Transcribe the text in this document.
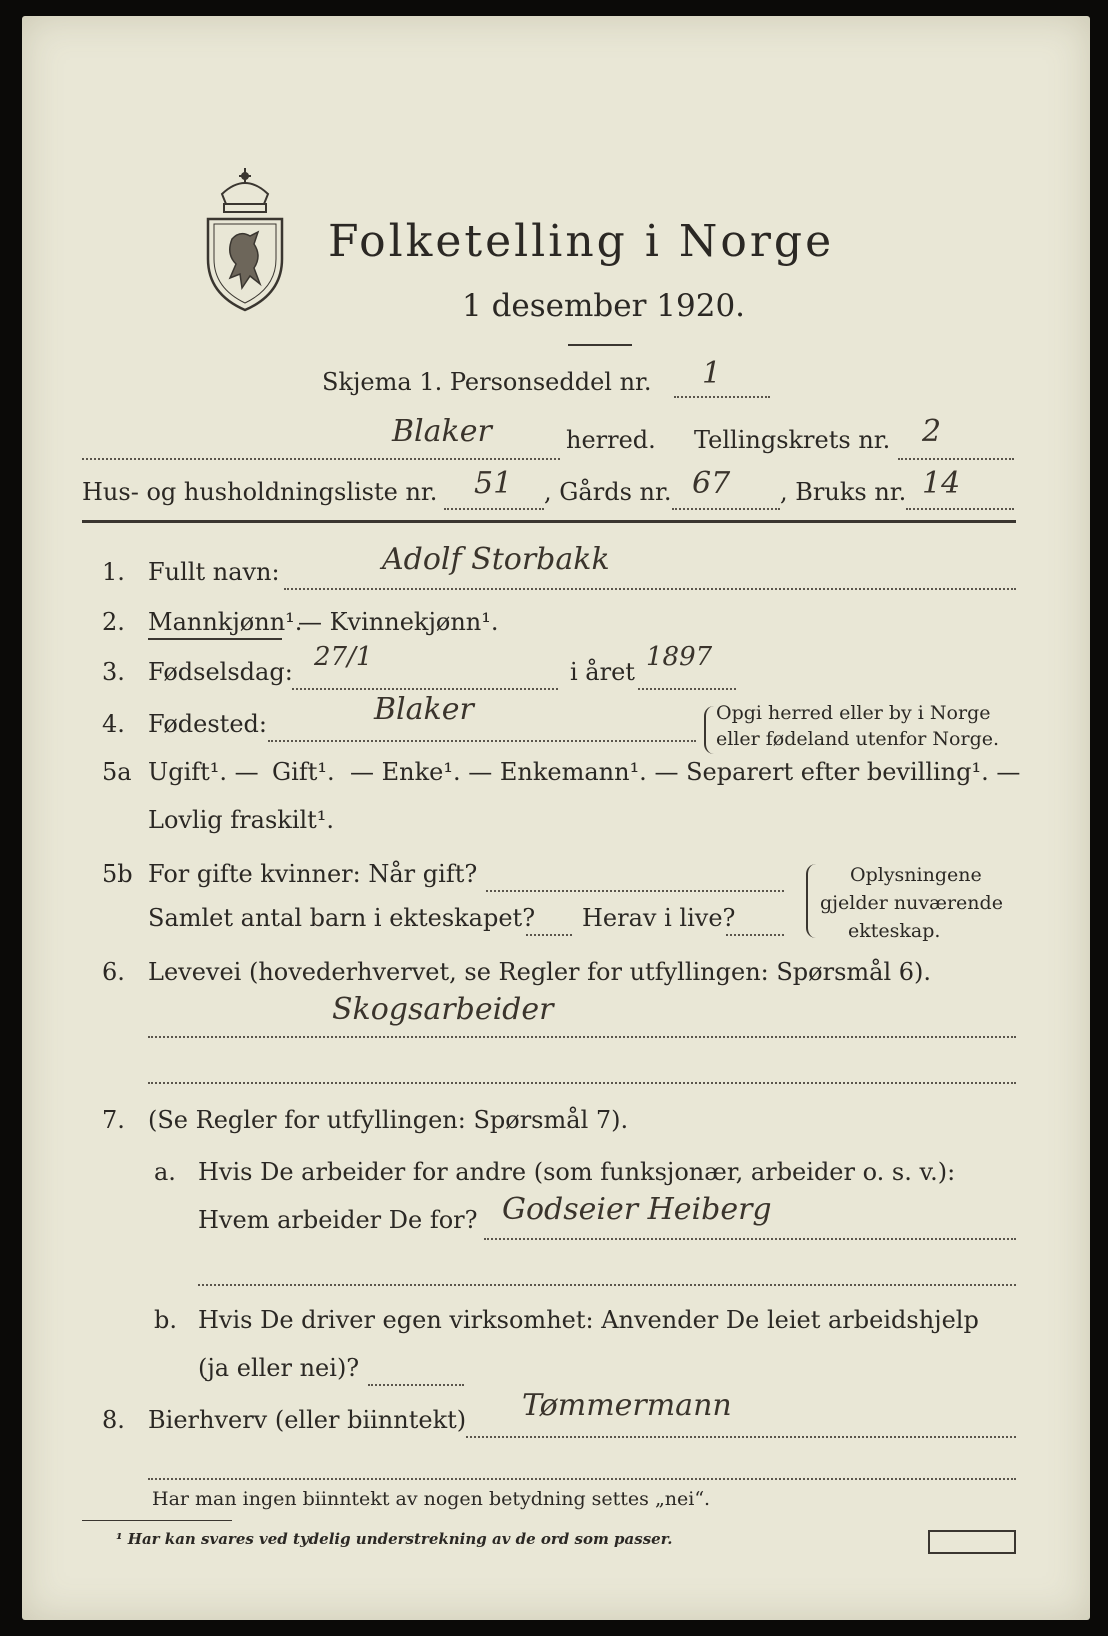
Folketelling i Norge
1 desember 1920.
Skjema 1. Personseddel nr. 1
Blaker	herred. Tellingskrets nr. 2
Hus- og husholdningsliste nr. 51 , Gårds nr. 67 , Bruks nr. 14
1. Fullt navn:	Adolf Storbakk
2. Mannkjønn¹.
— Kvinnekjønn¹.
3. Fødselsdag: 27/1	i året 1897
4. Fødested:	Blaker	Opgi herred eller by i Norge
eller fødeland utenfor Norge.
5a Ugift¹. — Gift¹. — Enke¹. — Enkemann¹. — Separert efter bevilling¹. —
Lovlig fraskilt¹.
5b For gifte kvinner: Når gift?
Samlet antal barn i ekteskapet? Herav i live?
Oplysningene
gjelder nuværende
ekteskap.
6. Levevei (hovederhvervet, se Regler for utfyllingen: Spørsmål 6).
Skogsarbeider
7. (Se Regler for utfyllingen: Spørsmål 7).
a. Hvis De arbeider for andre (som funksjonær, arbeider o. s. v.):
Hvem arbeider De for? Godseier Heiberg
b. Hvis De driver egen virksomhet: Anvender De leiet arbeidshjelp
(ja eller nei)?
8. Bierhverv (eller biinntekt) Tømmermann
Har man ingen biinntekt av nogen betydning settes „nei“.
¹ Har kan svares ved tydelig understrekning av de ord som passer.
